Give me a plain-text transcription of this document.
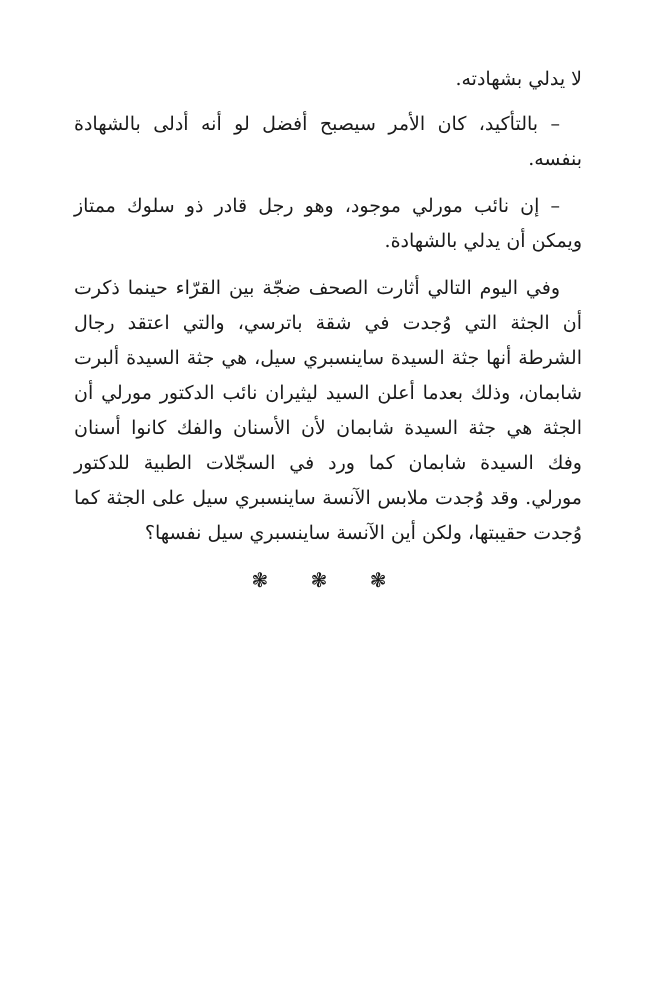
لا يدلي بشهادته.

– بالتأكيد، كان الأمر سيصبح أفضل لو أنه أدلى بالشهادة بنفسه.

– إن نائب مورلي موجود، وهو رجل قادر ذو سلوك ممتاز ويمكن أن يدلي بالشهادة.

وفي اليوم التالي أثارت الصحف ضجّة بين القرّاء حينما ذكرت أن الجثة التي وُجدت في شقة باترسي، والتي اعتقد رجال الشرطة أنها جثة السيدة ساينسبري سيل، هي جثة السيدة ألبرت شابمان، وذلك بعدما أعلن السيد ليثيران نائب الدكتور مورلي أن الجثة هي جثة السيدة شابمان لأن الأسنان والفك كانوا أسنان وفك السيدة شابمان كما ورد في السجّلات الطبية للدكتور مورلي. وقد وُجدت ملابس الآنسة ساينسبري سيل على الجثة كما وُجدت حقيبتها، ولكن أين الآنسة ساينسبري سيل نفسها؟

❃ ❃ ❃
